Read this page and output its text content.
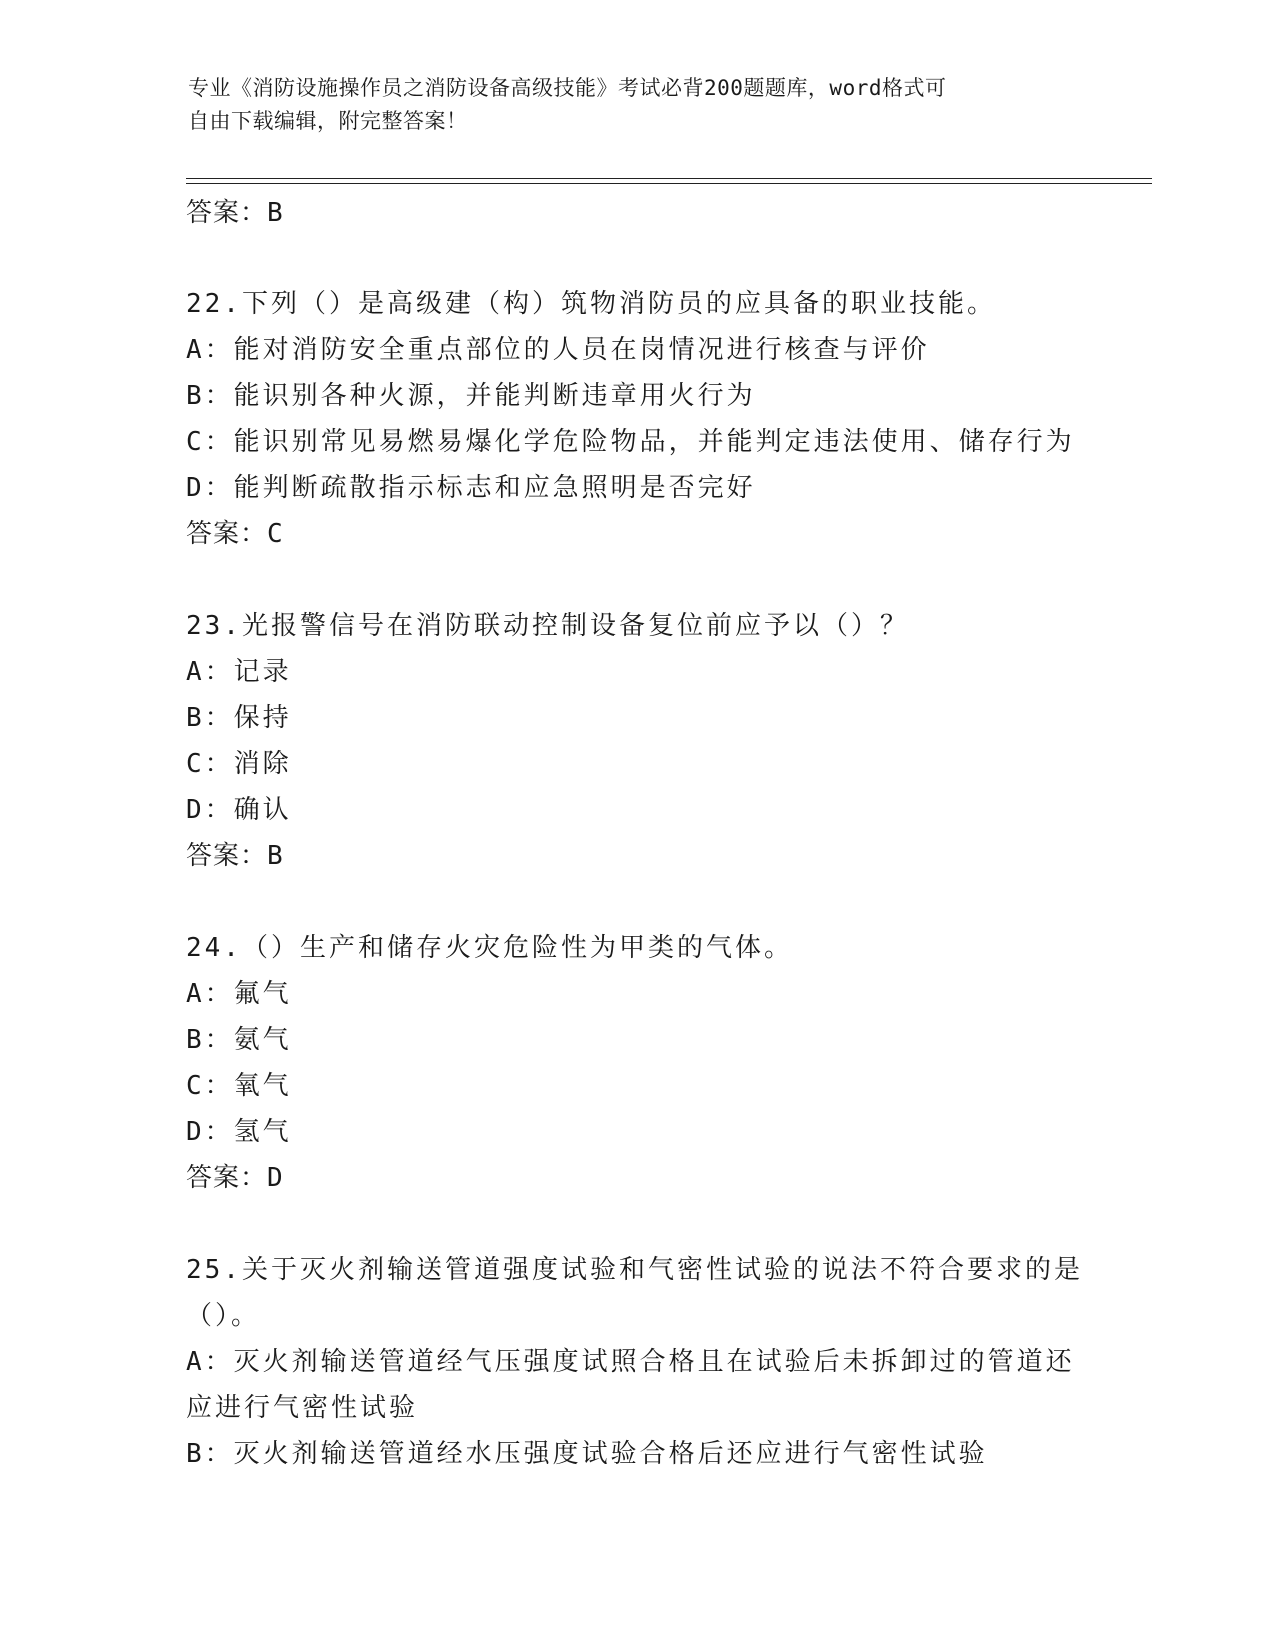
专业《消防设施操作员之消防设备高级技能》考试必背200题题库，word格式可
自由下载编辑，附完整答案！
答案：B
22.下列（）是高级建（构）筑物消防员的应具备的职业技能。
A：能对消防安全重点部位的人员在岗情况进行核查与评价
B：能识别各种火源，并能判断违章用火行为
C：能识别常见易燃易爆化学危险物品，并能判定违法使用、储存行为
D：能判断疏散指示标志和应急照明是否完好
答案：C
23.光报警信号在消防联动控制设备复位前应予以（）？
A：记录
B：保持
C：消除
D：确认
答案：B
24.（）生产和储存火灾危险性为甲类的气体。
A：氟气
B：氨气
C：氧气
D：氢气
答案：D
25.关于灭火剂输送管道强度试验和气密性试验的说法不符合要求的是
（）。
A：灭火剂输送管道经气压强度试照合格且在试验后未拆卸过的管道还
应进行气密性试验
B：灭火剂输送管道经水压强度试验合格后还应进行气密性试验
